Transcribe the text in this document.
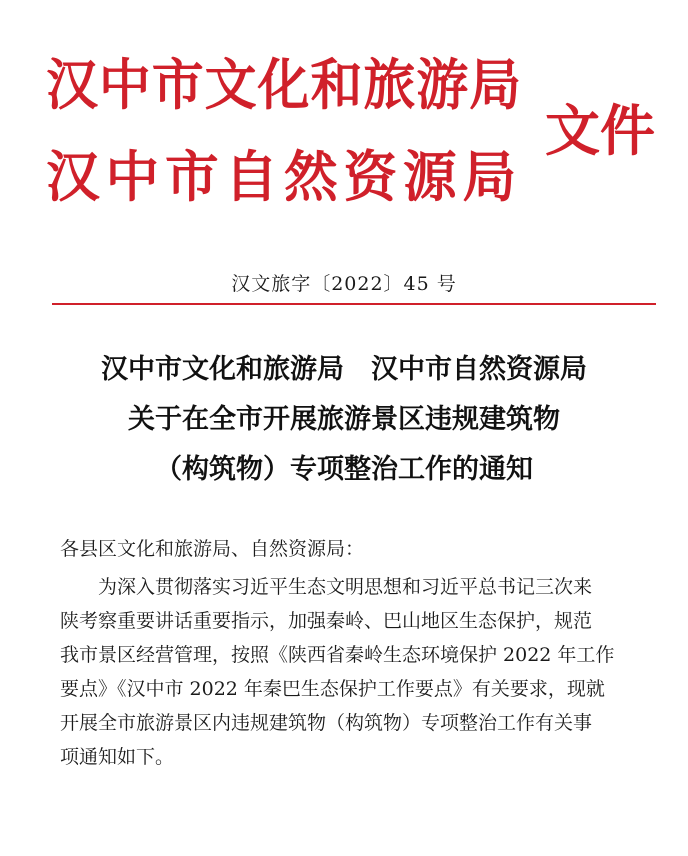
汉中市文化和旅游局
汉中市自然资源局
文件
汉文旅字〔2022〕45 号
汉中市文化和旅游局　汉中市自然资源局
关于在全市开展旅游景区违规建筑物
（构筑物）专项整治工作的通知
各县区文化和旅游局、自然资源局：
为深入贯彻落实习近平生态文明思想和习近平总书记三次来
陕考察重要讲话重要指示，加强秦岭、巴山地区生态保护，规范
我市景区经营管理，按照《陕西省秦岭生态环境保护 2022 年工作
要点》《汉中市 2022 年秦巴生态保护工作要点》有关要求，现就
开展全市旅游景区内违规建筑物（构筑物）专项整治工作有关事
项通知如下。
